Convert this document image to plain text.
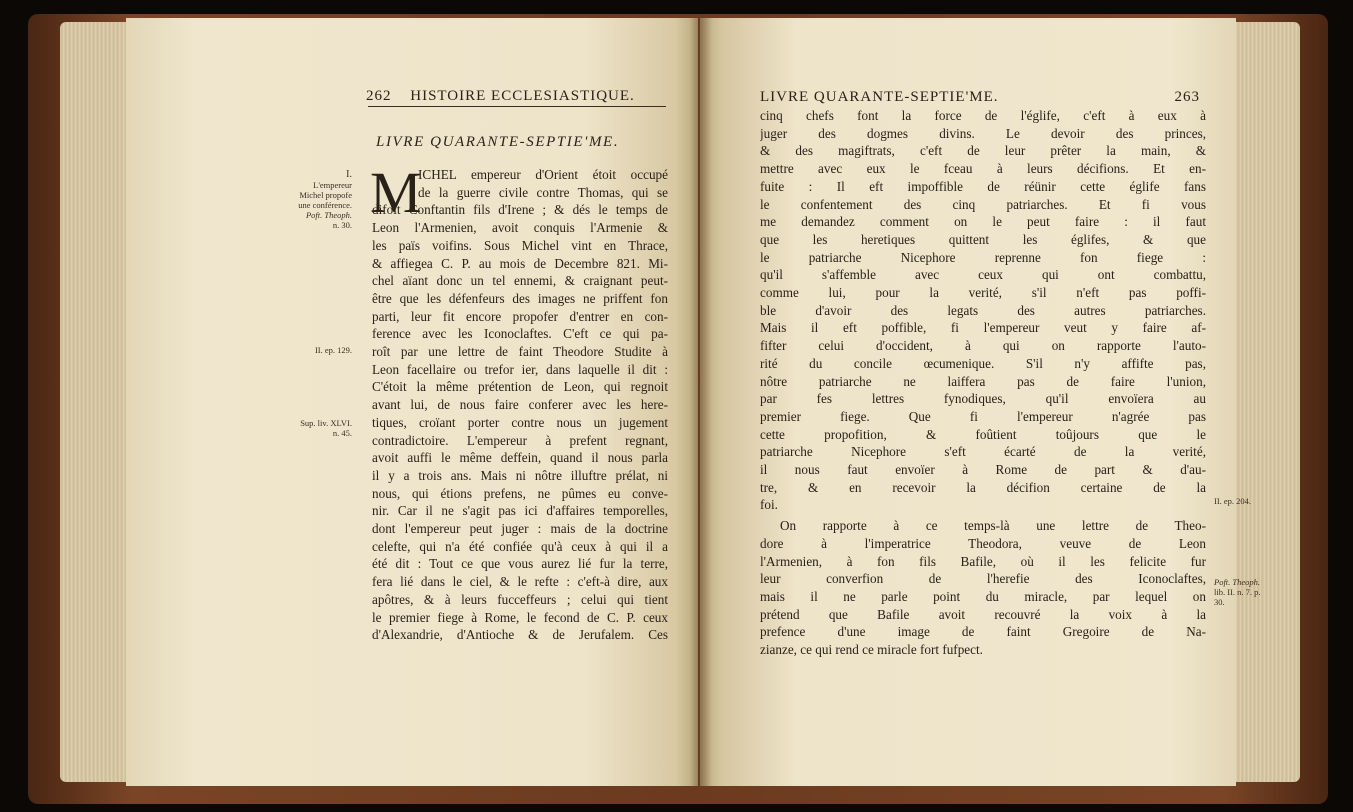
262 HISTOIRE ECCLESIASTIQUE.
LIVRE QUARANTE-SEPTIE'ME.
M
ICHEL empereur d'Orient étoit occupé
de la guerre civile contre Thomas, qui se
difoit Conftantin fils d'Irene ; & dés le temps de
Leon l'Armenien, avoit conquis l'Armenie &
les païs voifins. Sous Michel vint en Thrace,
& affiegea C. P. au mois de Decembre 821. Mi-
chel aïant donc un tel ennemi, & craignant peut-
être que les défenfeurs des images ne priffent fon
parti, leur fit encore propofer d'entrer en con-
ference avec les Iconoclaftes. C'eft ce qui pa-
roît par une lettre de faint Theodore Studite à
Leon facellaire ou trefor ier, dans laquelle il dit :
C'étoit la même prétention de Leon, qui regnoit
avant lui, de nous faire conferer avec les here-
tiques, croïant porter contre nous un jugement
contradictoire. L'empereur à prefent regnant,
avoit auffi le même deffein, quand il nous parla
il y a trois ans. Mais ni nôtre illuftre prélat, ni
nous, qui étions prefens, ne pûmes eu conve-
nir. Car il ne s'agit pas ici d'affaires temporelles,
dont l'empereur peut juger : mais de la doctrine
celefte, qui n'a été confiée qu'à ceux à qui il a
été dit : Tout ce que vous aurez lié fur la terre,
fera lié dans le ciel, & le refte : c'eft-à dire, aux
apôtres, & à leurs fucceffeurs ; celui qui tient
le premier fiege à Rome, le fecond de C. P. ceux
d'Alexandrie, d'Antioche & de Jerufalem. Ces
I.
L'empereur
Michel propofe
une conférence.
Poft. Theoph.
n. 30.
II. ep. 129.
Sup. liv. XLVI.
n. 45.
LIVRE QUARANTE-SEPTIE'ME.	263
cinq chefs font la force de l'églife, c'eft à eux à
juger des dogmes divins. Le devoir des princes,
& des magiftrats, c'eft de leur prêter la main, &
mettre avec eux le fceau à leurs décifions. Et en-
fuite : Il eft impoffible de réünir cette églife fans
le confentement des cinq patriarches. Et fi vous
me demandez comment on le peut faire : il faut
que les heretiques quittent les églifes, & que
le patriarche Nicephore reprenne fon fiege :
qu'il s'affemble avec ceux qui ont combattu,
comme lui, pour la verité, s'il n'eft pas poffi-
ble d'avoir des legats des autres patriarches.
Mais il eft poffible, fi l'empereur veut y faire af-
fifter celui d'occident, à qui on rapporte l'auto-
rité du concile œcumenique. S'il n'y affifte pas,
nôtre patriarche ne laiffera pas de faire l'union,
par fes lettres fynodiques, qu'il envoïera au
premier fiege. Que fi l'empereur n'agrée pas
cette propofition, & foûtient toûjours que le
patriarche Nicephore s'eft écarté de la verité,
il nous faut envoïer à Rome de part & d'au-
tre, & en recevoir la décifion certaine de la
foi.
On rapporte à ce temps-là une lettre de Theo-
dore à l'imperatrice Theodora, veuve de Leon
l'Armenien, à fon fils Bafile, où il les felicite fur
leur converfion de l'herefie des Iconoclaftes,
mais il ne parle point du miracle, par lequel on
prétend que Bafile avoit recouvré la voix à la
prefence d'une image de faint Gregoire de Na-
zianze, ce qui rend ce miracle fort fufpect.
II. ep. 204.
Poft. Theoph.
lib. II. n. 7. p.
30.
